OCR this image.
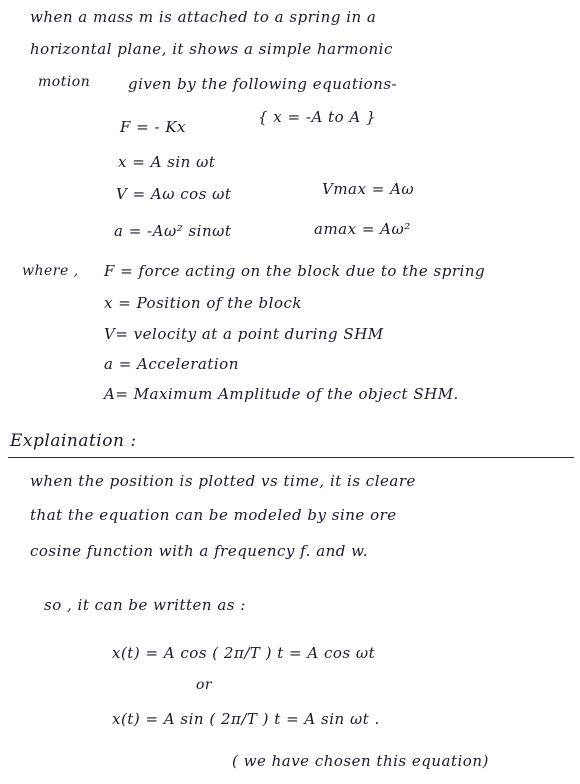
when a mass m is attached to a spring in a
horizontal plane, it shows a simple harmonic
motion	given by the following equations-
F = - Kx
{ x = -A to A }
x = A sin ωt
V = Aω cos ωt	Vmax = Aω
a = -Aω² sinωt	amax = Aω²
where , F = force acting on the block due to the spring
x = Position of the block
V= velocity at a point during SHM
a = Acceleration
A= Maximum Amplitude of the object SHM.
Explaination :
when the position is plotted vs time, it is cleare
that the equation can be modeled by sine ore
cosine function with a frequency f. and w.
so , it can be written as :
x(t) = A cos ( 2π/T ) t = A cos ωt
or
x(t) = A sin ( 2π/T ) t = A sin ωt .
( we have chosen this equation)
